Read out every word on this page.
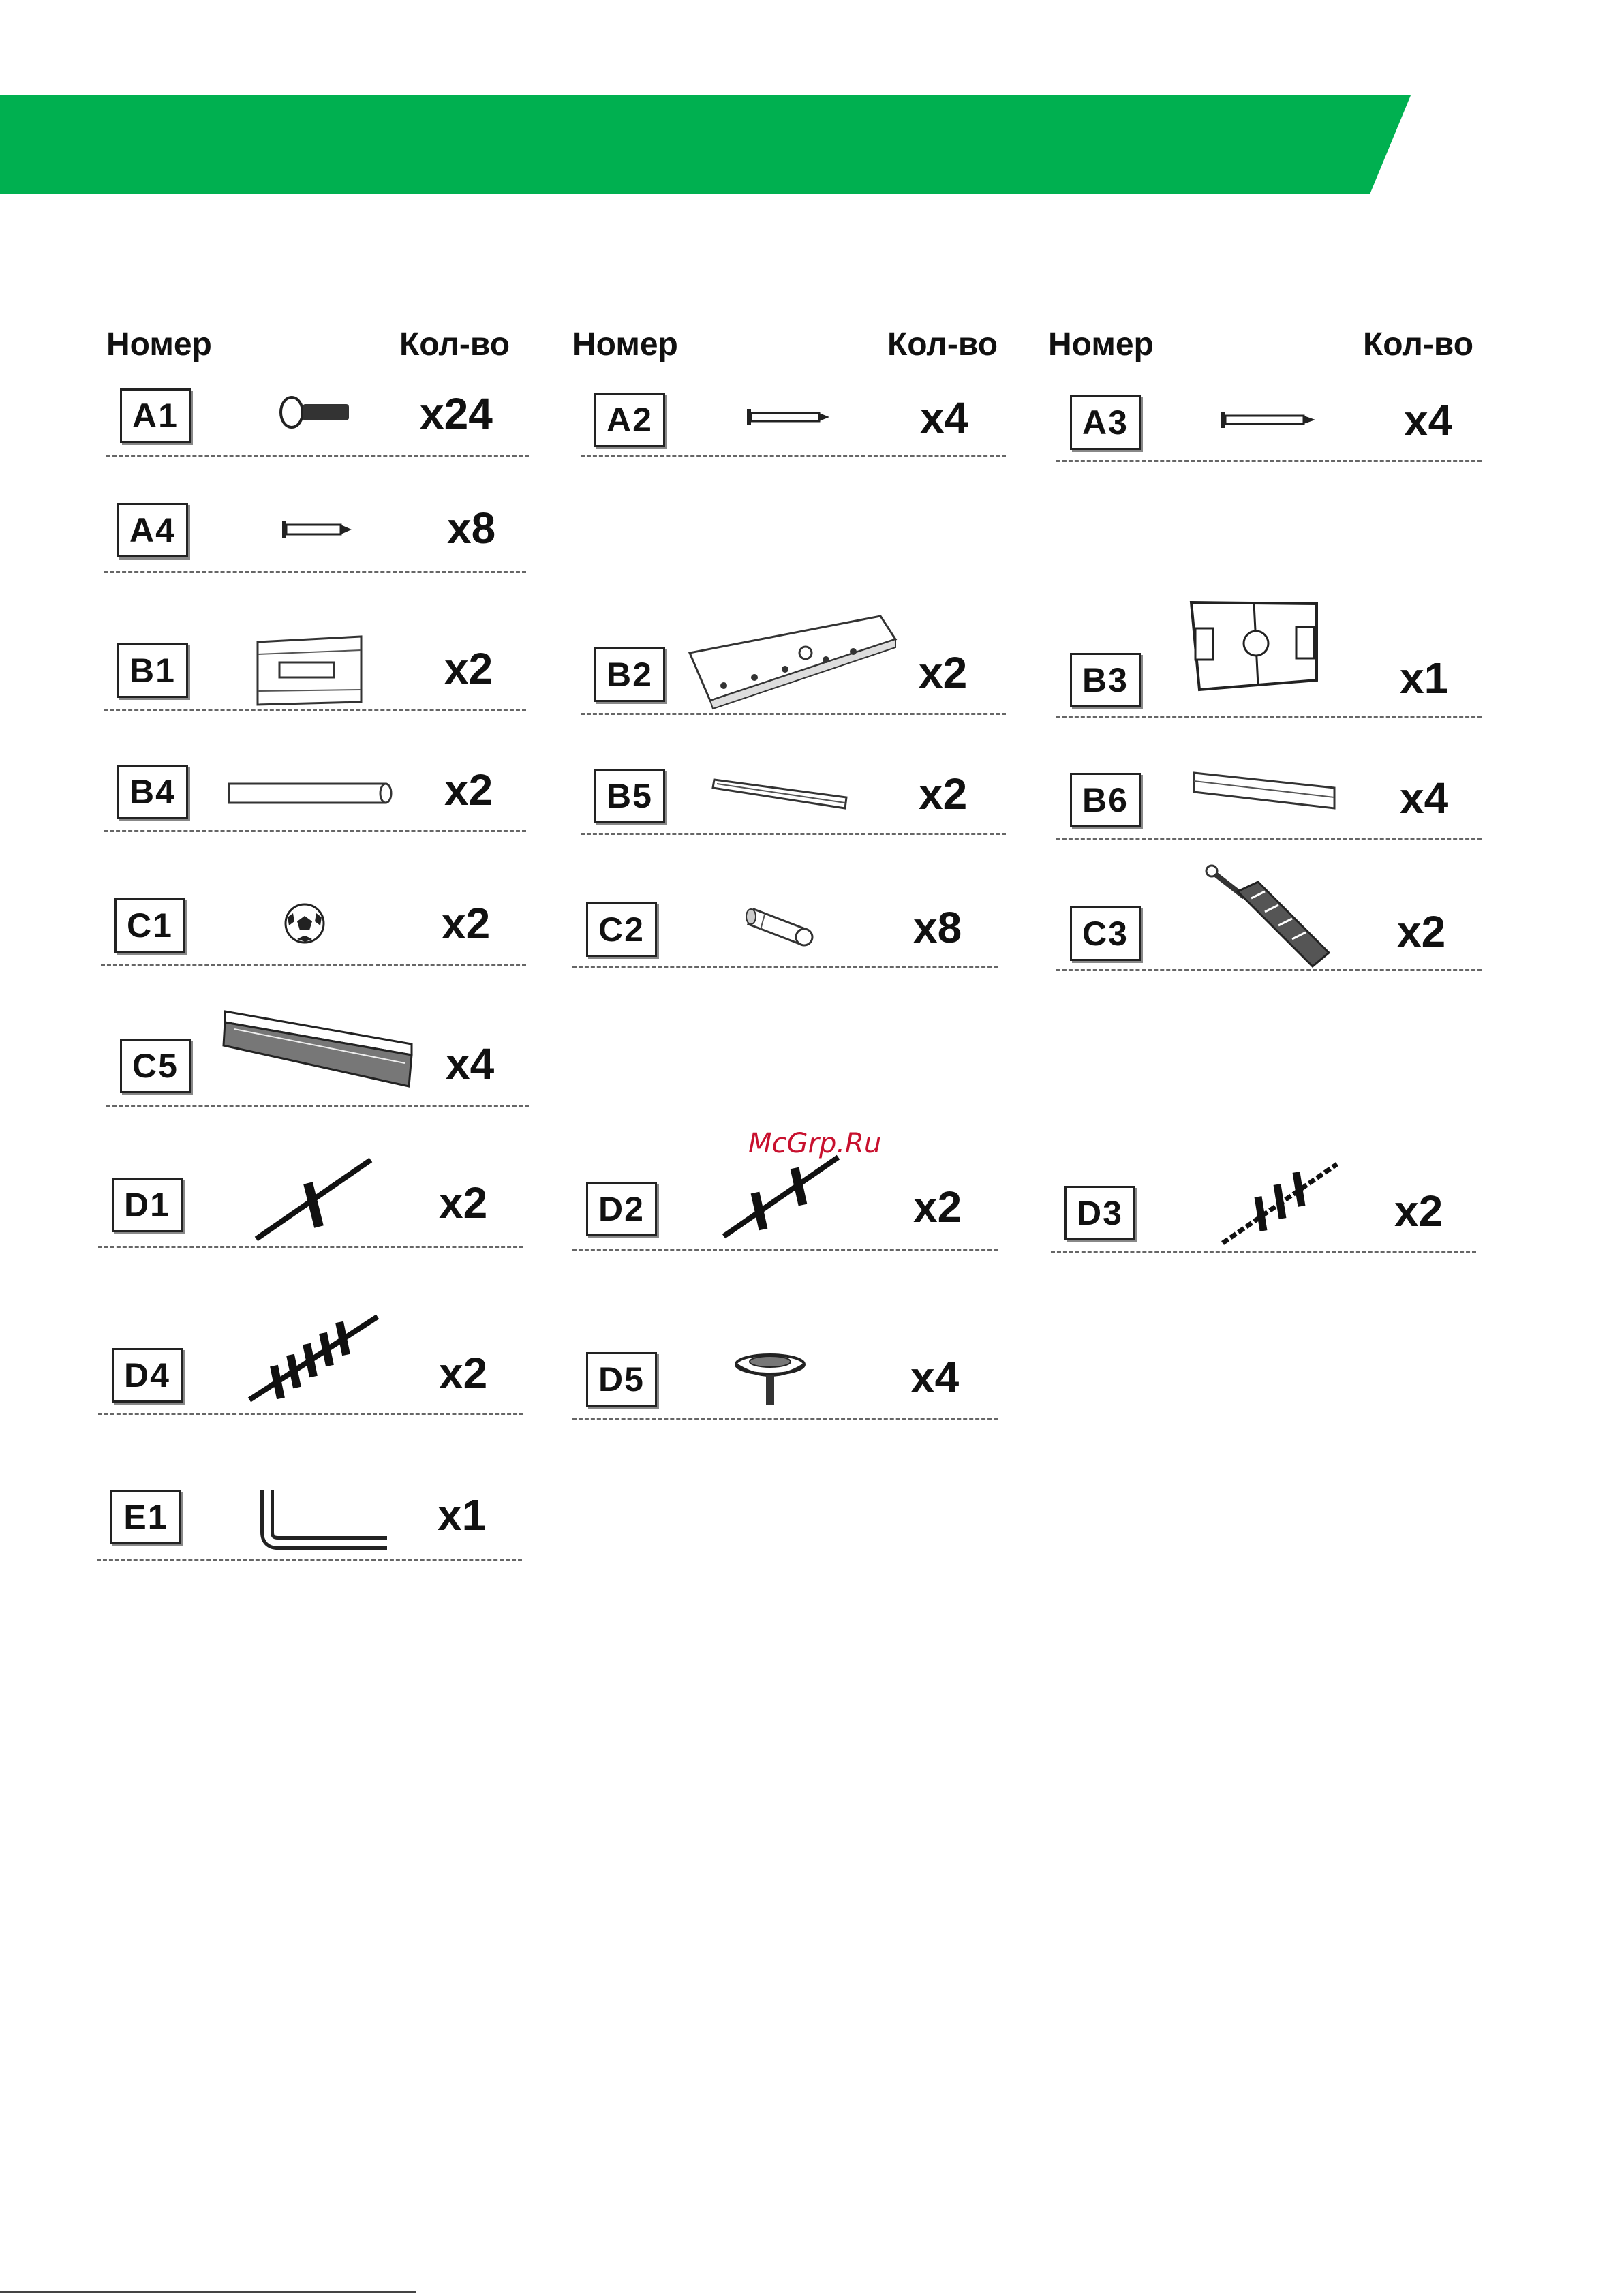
Номер	Кол-во Номер	Кол-во Номер	Кол-во
A1	x24	A2	x4	A3	x4
A4	x8
B1	x2	B2	x2	B3	x1
B4	x2	B5	x2	B6	x4
C1	x2	C2	x8	C3	x2
C5	x4
D1	x2	D2	x2	D3	x2
D4	x2	D5	x4
E1	x1
McGrp.Ru
